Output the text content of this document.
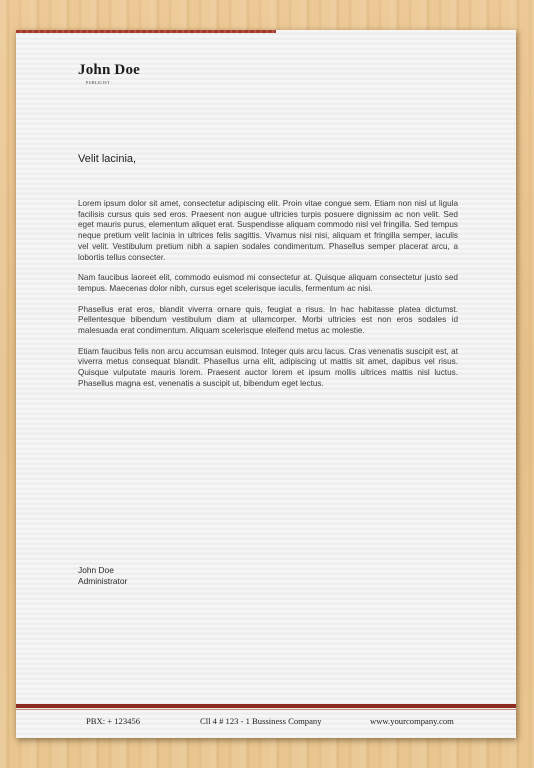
John Doe
PUBLICIST

Velit lacinia,

Lorem ipsum dolor sit amet, consectetur adipiscing elit. Proin vitae congue sem. Etiam non nisl ut ligula facilisis cursus quis sed eros. Praesent non augue ultricies turpis posuere dignissim ac non velit. Sed eget mauris purus, elementum aliquet erat. Suspendisse aliquam commodo nisl vel fringilla. Sed tempus neque pretium velit lacinia in ultrices felis sagittis. Vivamus nisi nisi, aliquam et fringilla semper, iaculis vel velit. Vestibulum pretium nibh a sapien sodales condimentum. Phasellus semper placerat arcu, a lobortis tellus consecter.

Nam faucibus laoreet elit, commodo euismod mi consectetur at. Quisque aliquam consectetur justo sed tempus. Maecenas dolor nibh, cursus eget scelerisque iaculis, fermentum ac nisi.

Phasellus erat eros, blandit viverra ornare quis, feugiat a risus. In hac habitasse platea dictumst. Pellentesque bibendum vestibulum diam at ullamcorper. Morbi ultricies est non eros sodales id malesuada erat condimentum. Aliquam scelerisque eleifend metus ac molestie.

Etiam faucibus felis non arcu accumsan euismod. Integer quis arcu lacus. Cras venenatis suscipit est, at viverra metus consequat blandit. Phasellus urna elit, adipiscing ut mattis sit amet, dapibus vel risus. Quisque vulputate mauris lorem. Praesent auctor lorem et ipsum mollis ultrices mattis nisl luctus. Phasellus magna est, venenatis a suscipit ut, bibendum eget lectus.

John Doe
Administrator
PBX: + 123456	Cll 4 # 123 - 1 Bussiness Company	www.yourcompany.com
